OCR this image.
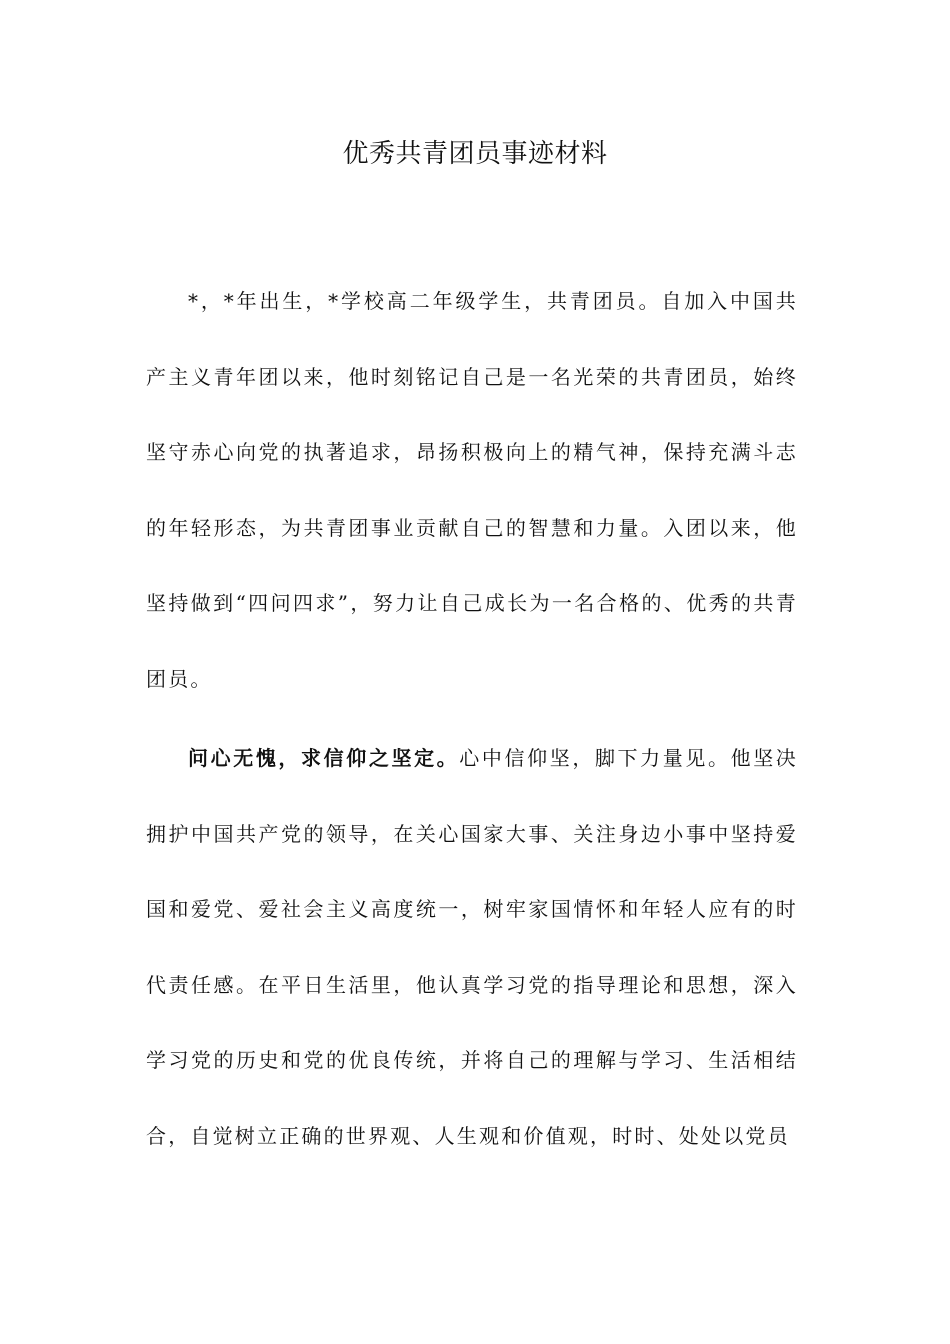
优秀共青团员事迹材料

*，*年出生，*学校高二年级学生，共青团员。自加入中国共产主义青年团以来，他时刻铭记自己是一名光荣的共青团员，始终坚守赤心向党的执著追求，昂扬积极向上的精气神，保持充满斗志的年轻形态，为共青团事业贡献自己的智慧和力量。入团以来，他坚持做到“四问四求”，努力让自己成长为一名合格的、优秀的共青团员。

问心无愧，求信仰之坚定。心中信仰坚，脚下力量见。他坚决拥护中国共产党的领导，在关心国家大事、关注身边小事中坚持爱国和爱党、爱社会主义高度统一，树牢家国情怀和年轻人应有的时代责任感。在平日生活里，他认真学习党的指导理论和思想，深入学习党的历史和党的优良传统，并将自己的理解与学习、生活相结合，自觉树立正确的世界观、人生观和价值观，时时、处处以党员
